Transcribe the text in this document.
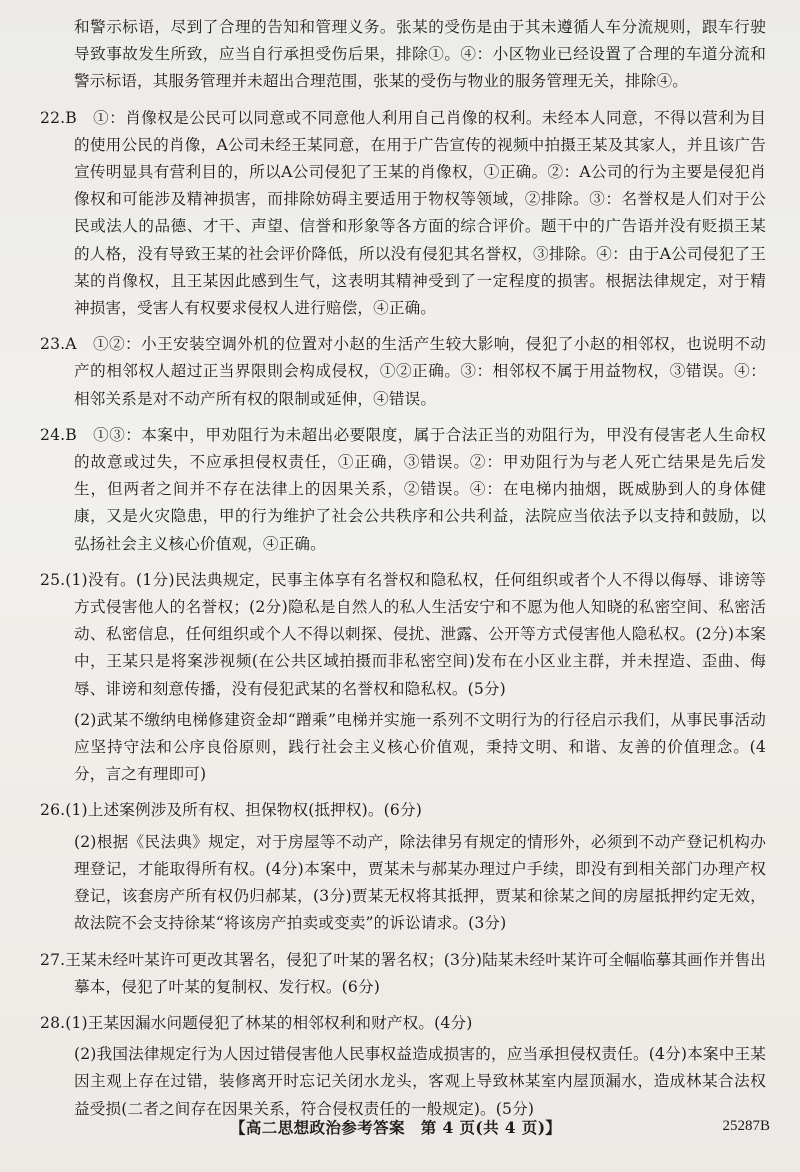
和警示标语，尽到了合理的告知和管理义务。张某的受伤是由于其未遵循人车分流规则，跟车行驶导致事故发生所致，应当自行承担受伤后果，排除①。④：小区物业已经设置了合理的车道分流和警示标语，其服务管理并未超出合理范围，张某的受伤与物业的服务管理无关，排除④。

22.B　①：肖像权是公民可以同意或不同意他人利用自己肖像的权利。未经本人同意，不得以营利为目的使用公民的肖像，A公司未经王某同意，在用于广告宣传的视频中拍摄王某及其家人，并且该广告宣传明显具有营利目的，所以A公司侵犯了王某的肖像权，①正确。②：A公司的行为主要是侵犯肖像权和可能涉及精神损害，而排除妨碍主要适用于物权等领域，②排除。③：名誉权是人们对于公民或法人的品德、才干、声望、信誉和形象等各方面的综合评价。题干中的广告语并没有贬损王某的人格，没有导致王某的社会评价降低，所以没有侵犯其名誉权，③排除。④：由于A公司侵犯了王某的肖像权，且王某因此感到生气，这表明其精神受到了一定程度的损害。根据法律规定，对于精神损害，受害人有权要求侵权人进行赔偿，④正确。

23.A　①②：小王安装空调外机的位置对小赵的生活产生较大影响，侵犯了小赵的相邻权，也说明不动产的相邻权人超过正当界限則会构成侵权，①②正确。③：相邻权不属于用益物权，③错误。④：相邻关系是对不动产所有权的限制或延伸，④错误。

24.B　①③：本案中，甲劝阻行为未超出必要限度，属于合法正当的劝阻行为，甲没有侵害老人生命权的故意或过失，不应承担侵权责任，①正确，③错误。②：甲劝阻行为与老人死亡结果是先后发生，但两者之间并不存在法律上的因果关系，②错误。④：在电梯内抽烟，既威胁到人的身体健康，又是火灾隐患，甲的行为维护了社会公共秩序和公共利益，法院应当依法予以支持和鼓励，以弘扬社会主义核心价值观，④正确。

25.(1)没有。(1分)民法典规定，民事主体享有名誉权和隐私权，任何组织或者个人不得以侮辱、诽谤等方式侵害他人的名誉权；(2分)隐私是自然人的私人生活安宁和不愿为他人知晓的私密空间、私密活动、私密信息，任何组织或个人不得以刺探、侵扰、泄露、公开等方式侵害他人隐私权。(2分)本案中，王某只是将案涉视频(在公共区域拍摄而非私密空间)发布在小区业主群，并未捏造、歪曲、侮辱、诽谤和刻意传播，没有侵犯武某的名誉权和隐私权。(5分)

(2)武某不缴纳电梯修建资金却“蹭乘”电梯并实施一系列不文明行为的行径启示我们，从事民事活动应坚持守法和公序良俗原则，践行社会主义核心价值观，秉持文明、和谐、友善的价值理念。(4分，言之有理即可)

26.(1)上述案例涉及所有权、担保物权(抵押权)。(6分)

(2)根据《民法典》规定，对于房屋等不动产，除法律另有规定的情形外，必须到不动产登记机构办理登记，才能取得所有权。(4分)本案中，贾某未与郝某办理过户手续，即没有到相关部门办理产权登记，该套房产所有权仍归郝某，(3分)贾某无权将其抵押，贾某和徐某之间的房屋抵押约定无效，故法院不会支持徐某“将该房产拍卖或变卖”的诉讼请求。(3分)

27.王某未经叶某许可更改其署名，侵犯了叶某的署名权；(3分)陆某未经叶某许可全幅临摹其画作并售出摹本，侵犯了叶某的复制权、发行权。(6分)

28.(1)王某因漏水问题侵犯了林某的相邻权利和财产权。(4分)

(2)我国法律规定行为人因过错侵害他人民事权益造成损害的，应当承担侵权责任。(4分)本案中王某因主观上存在过错，装修离开时忘记关闭水龙头，客观上导致林某室内屋顶漏水，造成林某合法权益受损(二者之间存在因果关系，符合侵权责任的一般规定)。(5分)

【高二思想政治参考答案　第 4 页(共 4 页)】	25287B
